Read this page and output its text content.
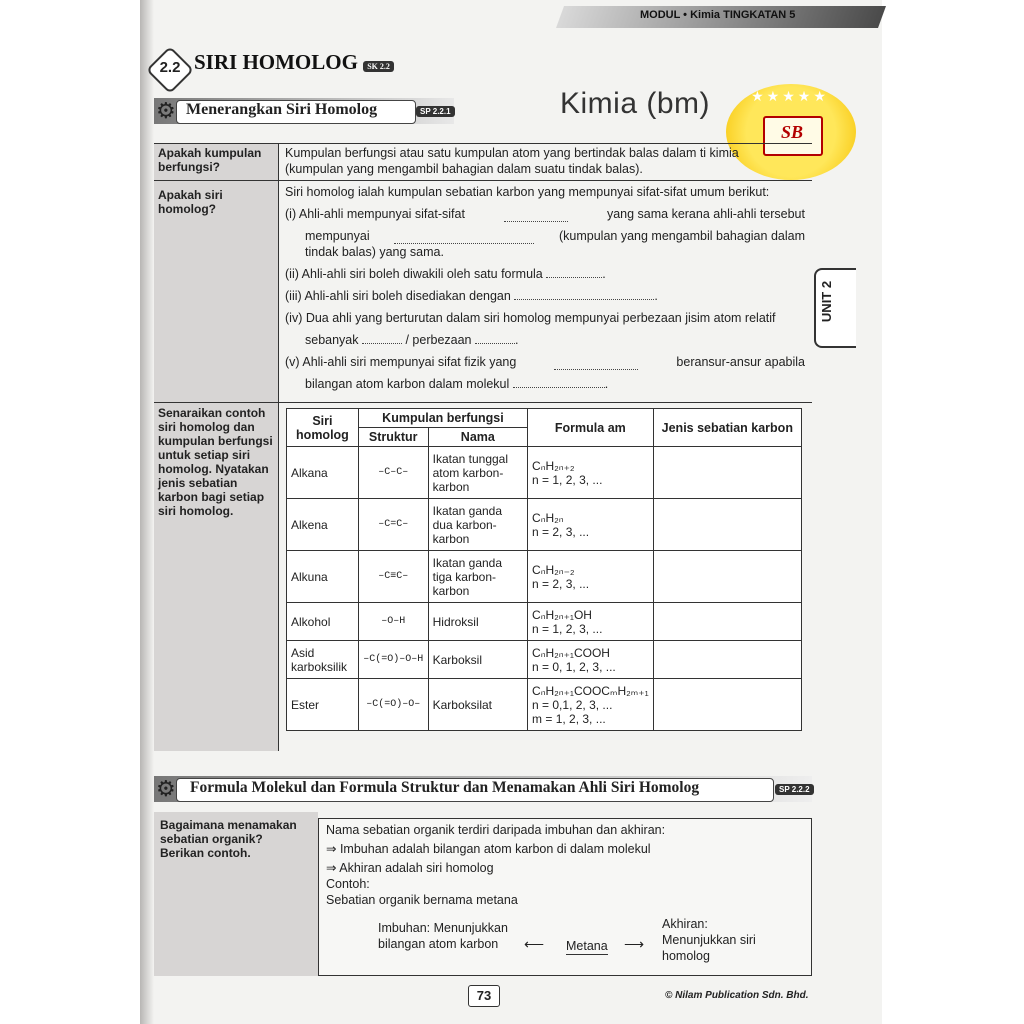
MODUL • Kimia TINGKATAN 5
2.2 SIRI HOMOLOG SK 2.2
⚙ Menerangkan Siri Homolog	SP 2.2.1	Kimia (bm)	★★★★★
SB
UNIT 2
Apakah kumpulan berfungsi?
Kumpulan berfungsi atau satu kumpulan atom yang bertindak balas dalam ti kimia (kumpulan yang mengambil bahagian dalam suatu tindak balas).
Apakah siri homolog?
Siri homolog ialah kumpulan sebatian karbon yang mempunyai sifat-sifat umum berikut:
(i) Ahli-ahli mempunyai sifat-sifat	yang sama kerana ahli-ahli tersebut
mempunyai	(kumpulan yang mengambil bahagian dalam
tindak balas) yang sama.
(ii) Ahli-ahli siri boleh diwakili oleh satu formula	.
(iii) Ahli-ahli siri boleh disediakan dengan	.
(iv) Dua ahli yang berturutan dalam siri homolog mempunyai perbezaan jisim atom relatif
sebanyak	/ perbezaan	.
(v) Ahli-ahli siri mempunyai sifat fizik yang	beransur-ansur apabila
bilangan atom karbon dalam molekul	.
Senaraikan contoh siri homolog dan kumpulan berfungsi untuk setiap siri homolog. Nyatakan jenis sebatian karbon bagi setiap siri homolog.
Siri homolog	Kumpulan berfungsi		Formula am	Jenis sebatian karbon
	Struktur	Nama		
Alkana	–C–C–	Ikatan tunggal atom karbon-karbon	CₙH₂ₙ₊₂
n = 1, 2, 3, ...	

Alkena	–C=C–	Ikatan ganda dua karbon-karbon	CₙH₂ₙ
n = 2, 3, ...	

Alkuna	–C≡C–	Ikatan ganda tiga karbon-karbon	CₙH₂ₙ₋₂
n = 2, 3, ...	

Alkohol	–O–H	Hidroksil	CₙH₂ₙ₊₁OH
n = 1, 2, 3, ...	

Asid karboksilik	–C(=O)–O–H	Karboksil	CₙH₂ₙ₊₁COOH
n = 0, 1, 2, 3, ...	

Ester	–C(=O)–O–	Karboksilat	CₙH₂ₙ₊₁COOCₘH₂ₘ₊₁
n = 0,1, 2, 3, ...
m = 1, 2, 3, ...	

⚙ Formula Molekul dan Formula Struktur dan Menamakan Ahli Siri Homolog	SP 2.2.2
Bagaimana menamakan sebatian organik? Berikan contoh.
Nama sebatian organik terdiri daripada imbuhan dan akhiran:
⇒ Imbuhan adalah bilangan atom karbon di dalam molekul
⇒ Akhiran adalah siri homolog
Contoh:
Sebatian organik bernama metana
Imbuhan: Menunjukkan bilangan atom karbon	⟵ Metana ⟶
Akhiran: Menunjukkan siri homolog
73	© Nilam Publication Sdn. Bhd.
